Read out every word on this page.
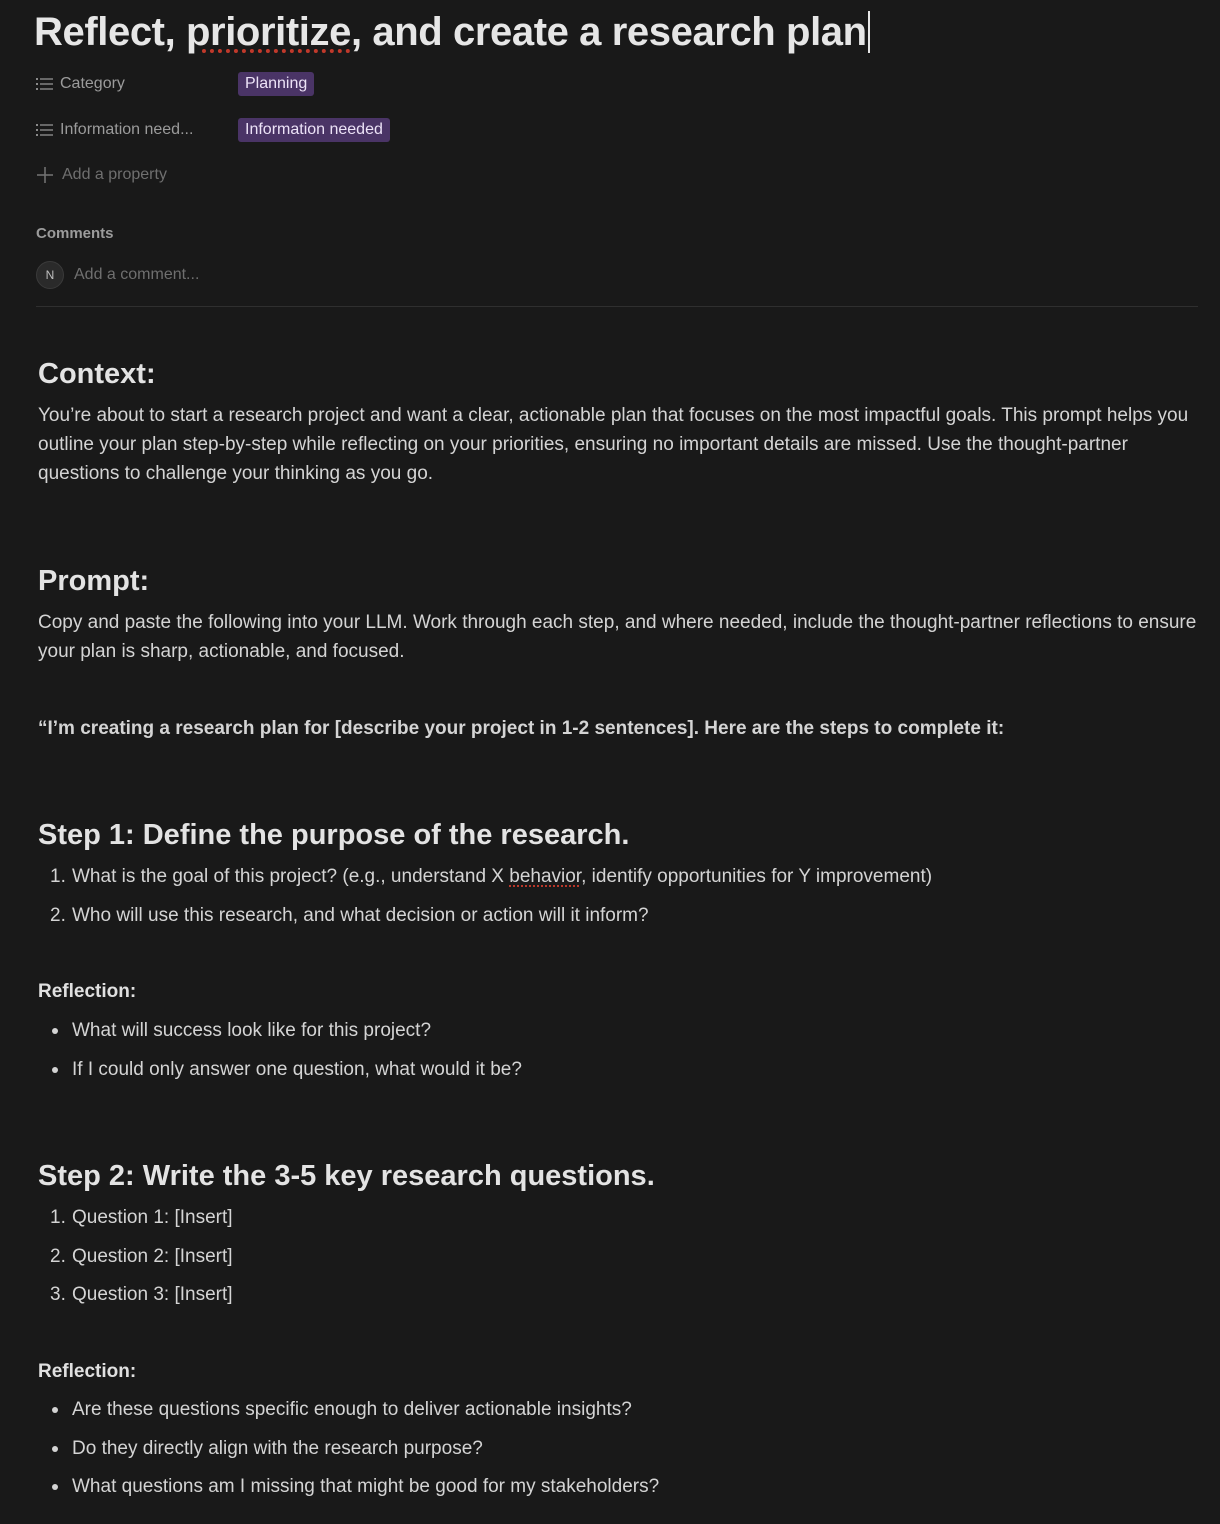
Reflect, prioritize, and create a research plan
Category	Planning
Information need...	Information needed
Add a property
Comments
N
Add a comment...
Context:

You’re about to start a research project and want a clear, actionable plan that focuses on the most impactful goals. This prompt helps you outline your plan step-by-step while reflecting on your priorities, ensuring no important details are missed. Use the thought-partner questions to challenge your thinking as you go.

Prompt:

Copy and paste the following into your LLM. Work through each step, and where needed, include the thought-partner reflections to ensure your plan is sharp, actionable, and focused.

“I’m creating a research plan for [describe your project in 1-2 sentences]. Here are the steps to complete it:

Step 1: Define the purpose of the research.
1. What is the goal of this project? (e.g., understand X behavior, identify opportunities for Y improvement)
2. Who will use this research, and what decision or action will it inform?
Reflection:
What will success look like for this project?
If I could only answer one question, what would it be?
Step 2: Write the 3-5 key research questions.
1. Question 1: [Insert]
2. Question 2: [Insert]
3. Question 3: [Insert]
Reflection:
Are these questions specific enough to deliver actionable insights?
Do they directly align with the research purpose?
What questions am I missing that might be good for my stakeholders?
